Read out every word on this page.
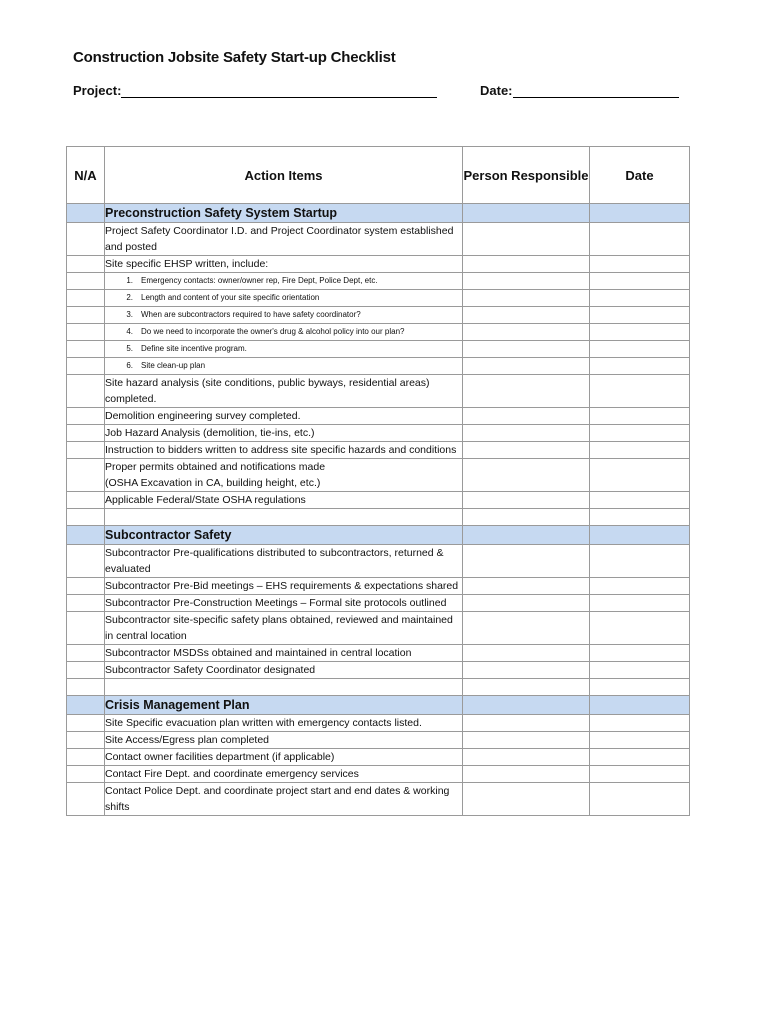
Construction Jobsite Safety Start-up Checklist
Project:	Date:
N/A	Action Items	Person Responsible	Date
	Preconstruction Safety System Startup		
	Project Safety Coordinator I.D. and Project Coordinator system established and posted		
	Site specific EHSP written, include:		
	1. Emergency contacts: owner/owner rep, Fire Dept, Police Dept, etc.		
	2. Length and content of your site specific orientation		
	3. When are subcontractors required to have safety coordinator?		
	4. Do we need to incorporate the owner's drug & alcohol policy into our plan?		
	5. Define site incentive program.		
	6. Site clean-up plan		
	Site hazard analysis (site conditions, public byways, residential areas) completed.		
	Demolition engineering survey completed.		
	Job Hazard Analysis (demolition, tie-ins, etc.)		
	Instruction to bidders written to address site specific hazards and conditions		
	Proper permits obtained and notifications made
(OSHA Excavation in CA, building height, etc.)		
	Applicable Federal/State OSHA regulations		

	Subcontractor Safety		
	Subcontractor Pre-qualifications distributed to subcontractors, returned & evaluated		
	Subcontractor Pre-Bid meetings – EHS requirements & expectations shared		
	Subcontractor Pre-Construction Meetings – Formal site protocols outlined		
	Subcontractor site-specific safety plans obtained, reviewed and maintained in central location		
	Subcontractor MSDSs obtained and maintained in central location		
	Subcontractor Safety Coordinator designated		

	Crisis Management Plan		
	Site Specific evacuation plan written with emergency contacts listed.		
	Site Access/Egress plan completed		
	Contact owner facilities department (if applicable)		
	Contact Fire Dept. and coordinate emergency services		
	Contact Police Dept. and coordinate project start and end dates & working shifts		
